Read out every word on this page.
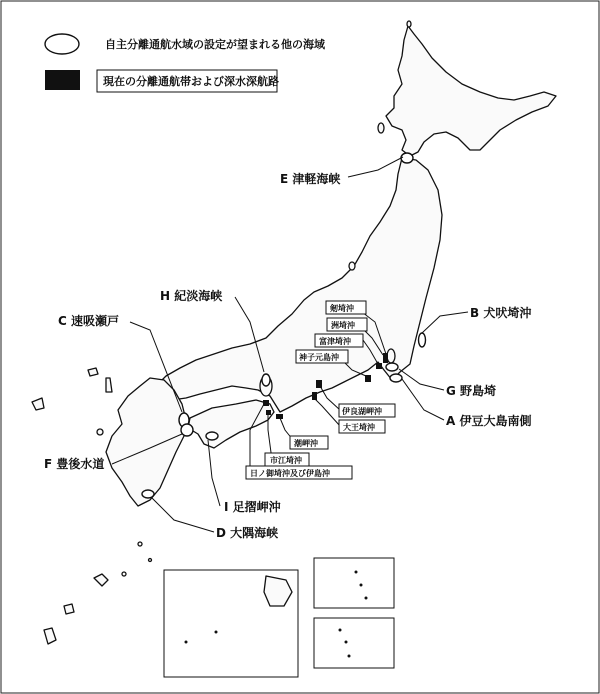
自主分離通航水域の設定が望まれる他の海域
現在の分離通航帯および深水深航路
E 津軽海峡
B 犬吠埼沖
G 野島埼
A 伊豆大島南側
H 紀淡海峡
C 速吸瀬戸
F 豊後水道
I 足摺岬沖
D 大隅海峡
剱埼沖
洲埼沖
富津埼沖
神子元島沖
伊良湖岬沖
大王埼沖
潮岬沖
市江埼沖
日ノ御埼沖及び伊島沖
